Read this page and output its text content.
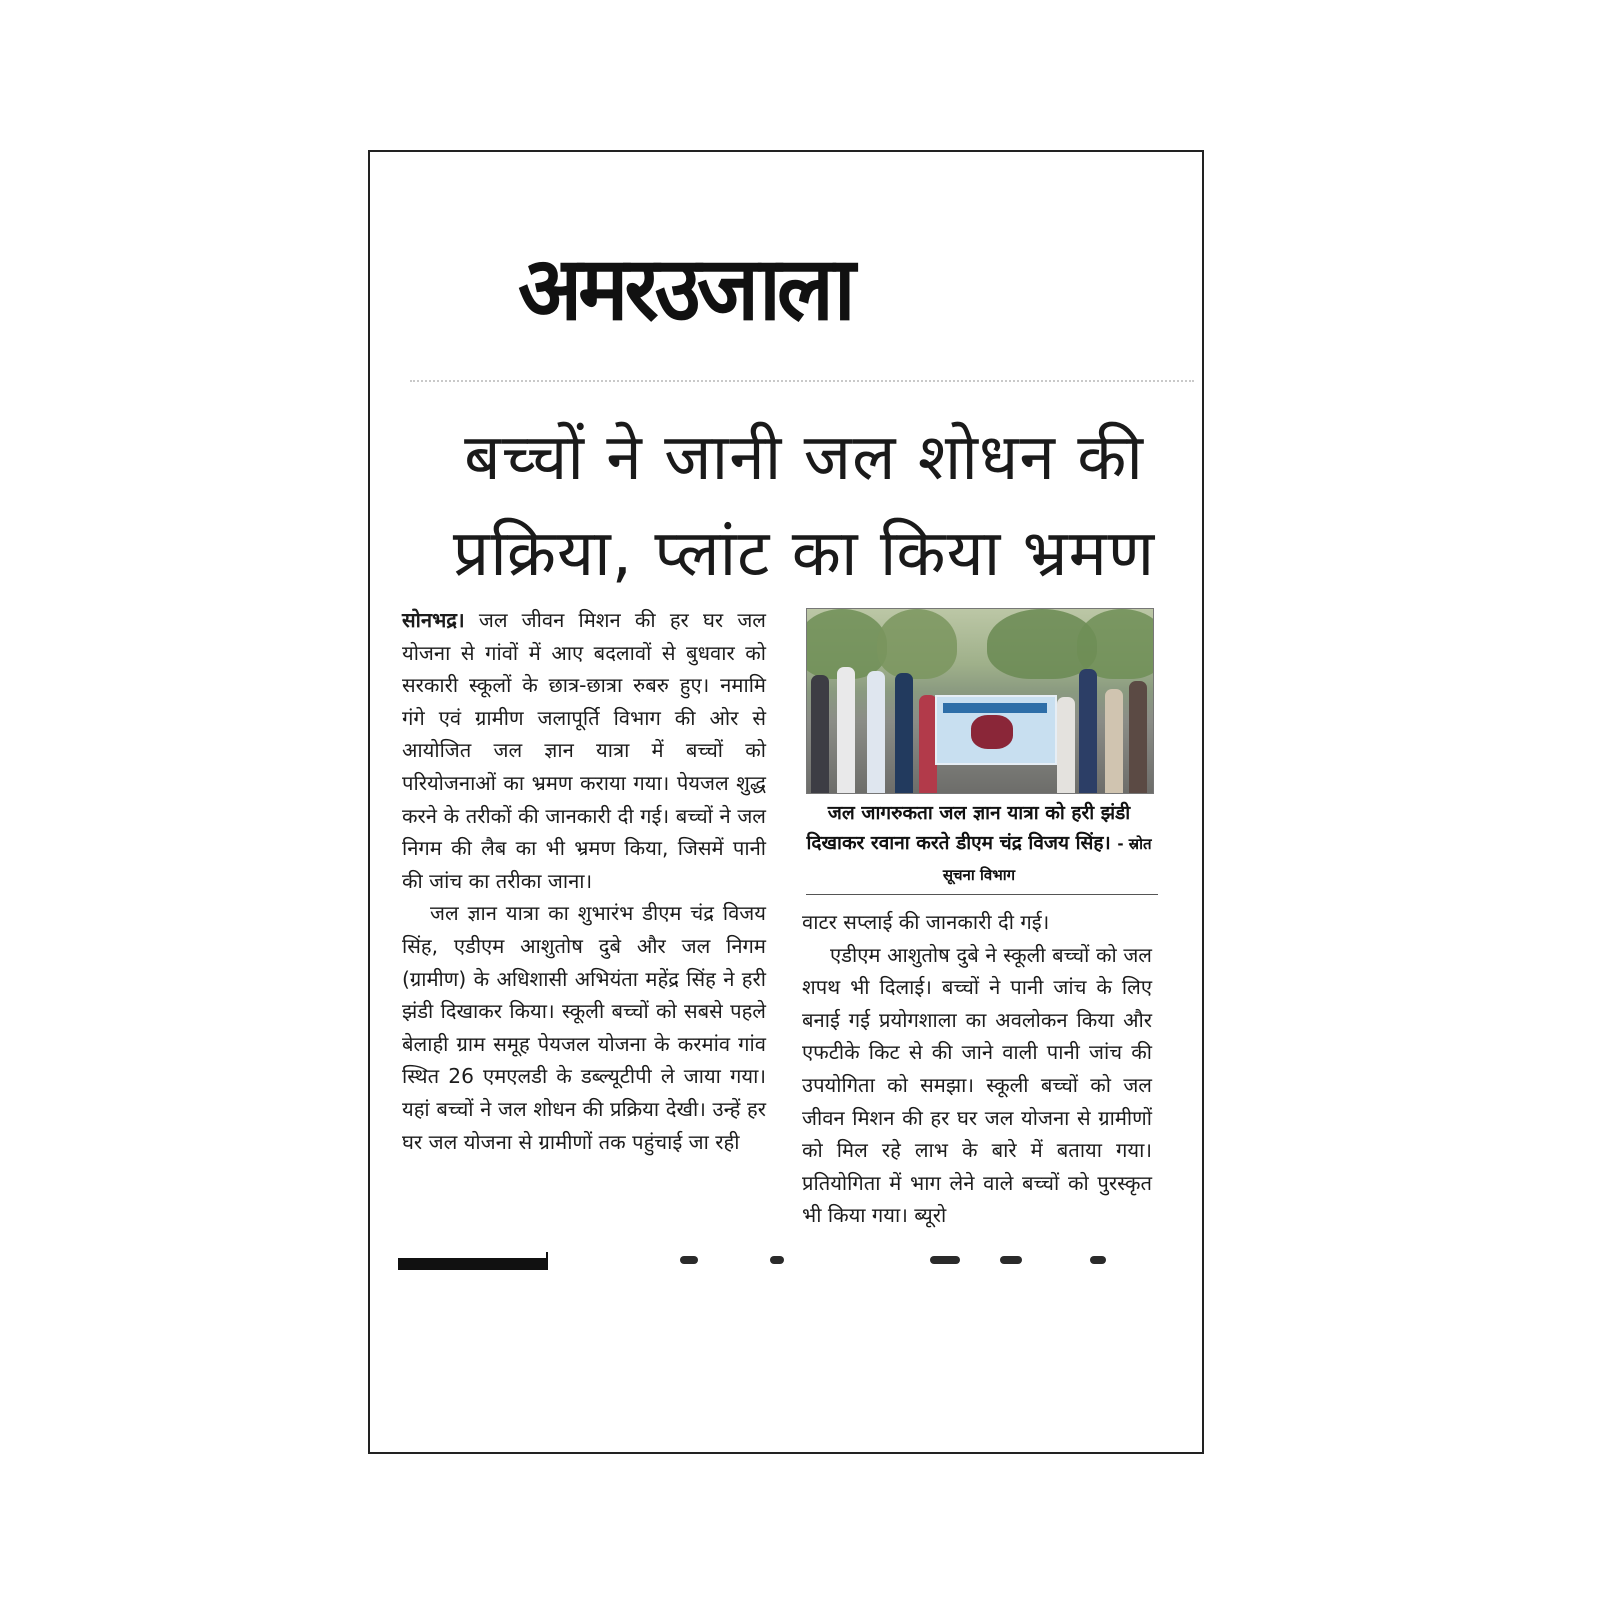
अमरउजाला
बच्चों ने जानी जल शोधन की
प्रक्रिया, प्लांट का किया भ्रमण

सोनभद्र। जल जीवन मिशन की हर घर जल योजना से गांवों में आए बदलावों से बुधवार को सरकारी स्कूलों के छात्र-छात्रा रुबरु हुए। नमामि गंगे एवं ग्रामीण जलापूर्ति विभाग की ओर से आयोजित जल ज्ञान यात्रा में बच्चों को परियोजनाओं का भ्रमण कराया गया। पेयजल शुद्ध करने के तरीकों की जानकारी दी गई। बच्चों ने जल निगम की लैब का भी भ्रमण किया, जिसमें पानी की जांच का तरीका जाना।

जल ज्ञान यात्रा का शुभारंभ डीएम चंद्र विजय सिंह, एडीएम आशुतोष दुबे और जल निगम (ग्रामीण) के अधिशासी अभियंता महेंद्र सिंह ने हरी झंडी दिखाकर किया। स्कूली बच्चों को सबसे पहले बेलाही ग्राम समूह पेयजल योजना के करमांव गांव स्थित 26 एमएलडी के डब्ल्यूटीपी ले जाया गया। यहां बच्चों ने जल शोधन की प्रक्रिया देखी। उन्हें हर घर जल योजना से ग्रामीणों तक पहुंचाई जा रही

जल जागरुकता जल ज्ञान यात्रा को हरी झंडी दिखाकर रवाना करते डीएम चंद्र विजय सिंह। - स्रोत सूचना विभाग

वाटर सप्लाई की जानकारी दी गई।

एडीएम आशुतोष दुबे ने स्कूली बच्चों को जल शपथ भी दिलाई। बच्चों ने पानी जांच के लिए बनाई गई प्रयोगशाला का अवलोकन किया और एफटीके किट से की जाने वाली पानी जांच की उपयोगिता को समझा। स्कूली बच्चों को जल जीवन मिशन की हर घर जल योजना से ग्रामीणों को मिल रहे लाभ के बारे में बताया गया। प्रतियोगिता में भाग लेने वाले बच्चों को पुरस्कृत भी किया गया। ब्यूरो
